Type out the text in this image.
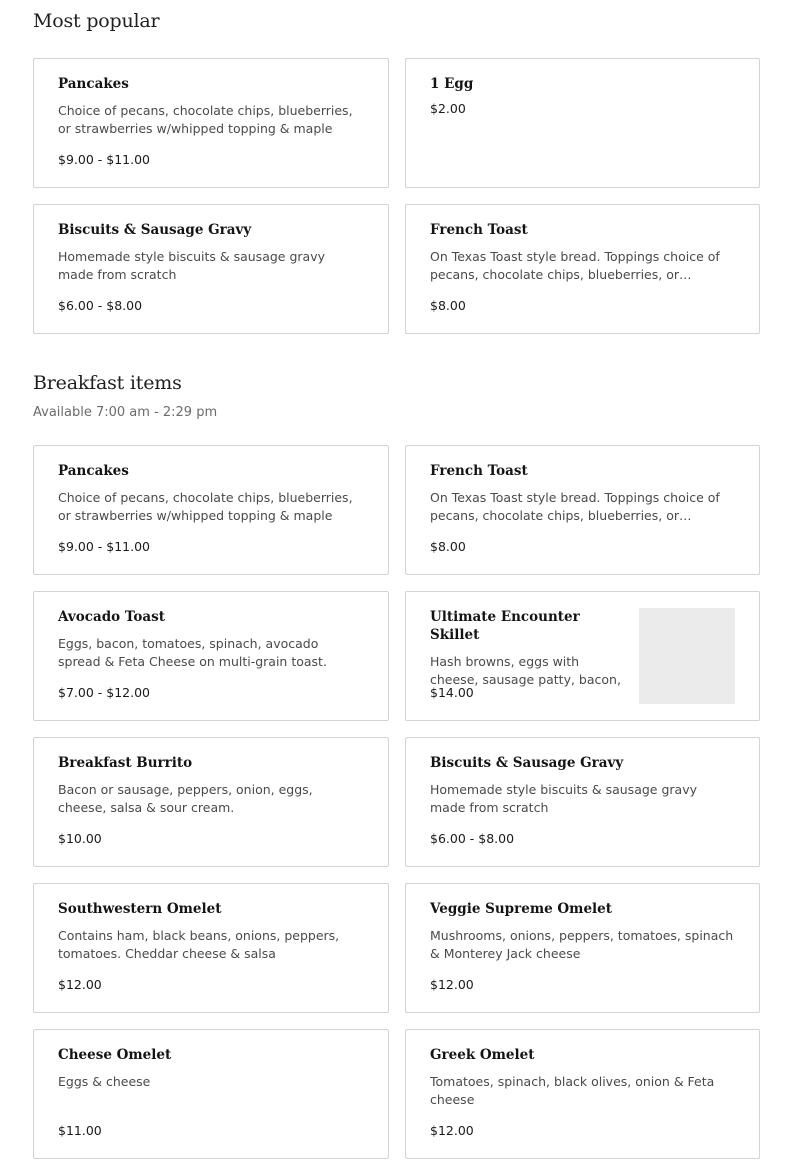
Most popular
Pancakes
Choice of pecans, chocolate chips, blueberries, or strawberries w/whipped topping & maple
$9.00 - $11.00
1 Egg
$2.00
Biscuits & Sausage Gravy
Homemade style biscuits & sausage gravy made from scratch
$6.00 - $8.00
French Toast
On Texas Toast style bread. Toppings choice of pecans, chocolate chips, blueberries, or…
$8.00
Breakfast items
Available 7:00 am - 2:29 pm
Pancakes
Choice of pecans, chocolate chips, blueberries, or strawberries w/whipped topping & maple
$9.00 - $11.00
French Toast
On Texas Toast style bread. Toppings choice of pecans, chocolate chips, blueberries, or…
$8.00
Avocado Toast
Eggs, bacon, tomatoes, spinach, avocado spread & Feta Cheese on multi-grain toast.
$7.00 - $12.00
Ultimate Encounter Skillet
Hash browns, eggs with cheese, sausage patty, bacon,
$14.00
Breakfast Burrito
Bacon or sausage, peppers, onion, eggs, cheese, salsa & sour cream.
$10.00
Biscuits & Sausage Gravy
Homemade style biscuits & sausage gravy made from scratch
$6.00 - $8.00
Southwestern Omelet
Contains ham, black beans, onions, peppers, tomatoes. Cheddar cheese & salsa
$12.00
Veggie Supreme Omelet
Mushrooms, onions, peppers, tomatoes, spinach & Monterey Jack cheese
$12.00
Cheese Omelet
Eggs & cheese
$11.00
Greek Omelet
Tomatoes, spinach, black olives, onion & Feta cheese
$12.00
